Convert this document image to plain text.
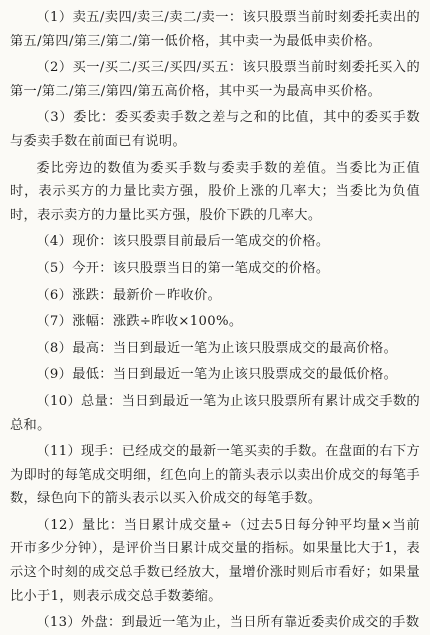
（1）卖五/卖四/卖三/卖二/卖一：该只股票当前时刻委托卖出的第五/第四/第三/第二/第一低价格，其中卖一为最低申卖价格。

（2）买一/买二/买三/买四/买五：该只股票当前时刻委托买入的第一/第二/第三/第四/第五高价格，其中买一为最高申买价格。

（3）委比：委买委卖手数之差与之和的比值，其中的委买手数与委卖手数在前面已有说明。

委比旁边的数值为委买手数与委卖手数的差值。当委比为正值时，表示买方的力量比卖方强，股价上涨的几率大；当委比为负值时，表示卖方的力量比买方强，股价下跌的几率大。

（4）现价：该只股票目前最后一笔成交的价格。

（5）今开：该只股票当日的第一笔成交的价格。

（6）涨跌：最新价－昨收价。

（7）涨幅：涨跌÷昨收×100%。

（8）最高：当日到最近一笔为止该只股票成交的最高价格。

（9）最低：当日到最近一笔为止该只股票成交的最低价格。

（10）总量：当日到最近一笔为止该只股票所有累计成交手数的总和。

（11）现手：已经成交的最新一笔买卖的手数。在盘面的右下方为即时的每笔成交明细，红色向上的箭头表示以卖出价成交的每笔手数，绿色向下的箭头表示以买入价成交的每笔手数。

（12）量比：当日累计成交量÷（过去5日每分钟平均量×当前开市多少分钟），是评价当日累计成交量的指标。如果量比大于1，表示这个时刻的成交总手数已经放大，量增价涨时则后市看好；如果量比小于1，则表示成交总手数萎缩。

（13）外盘：到最近一笔为止，当日所有靠近委卖价成交的手数
